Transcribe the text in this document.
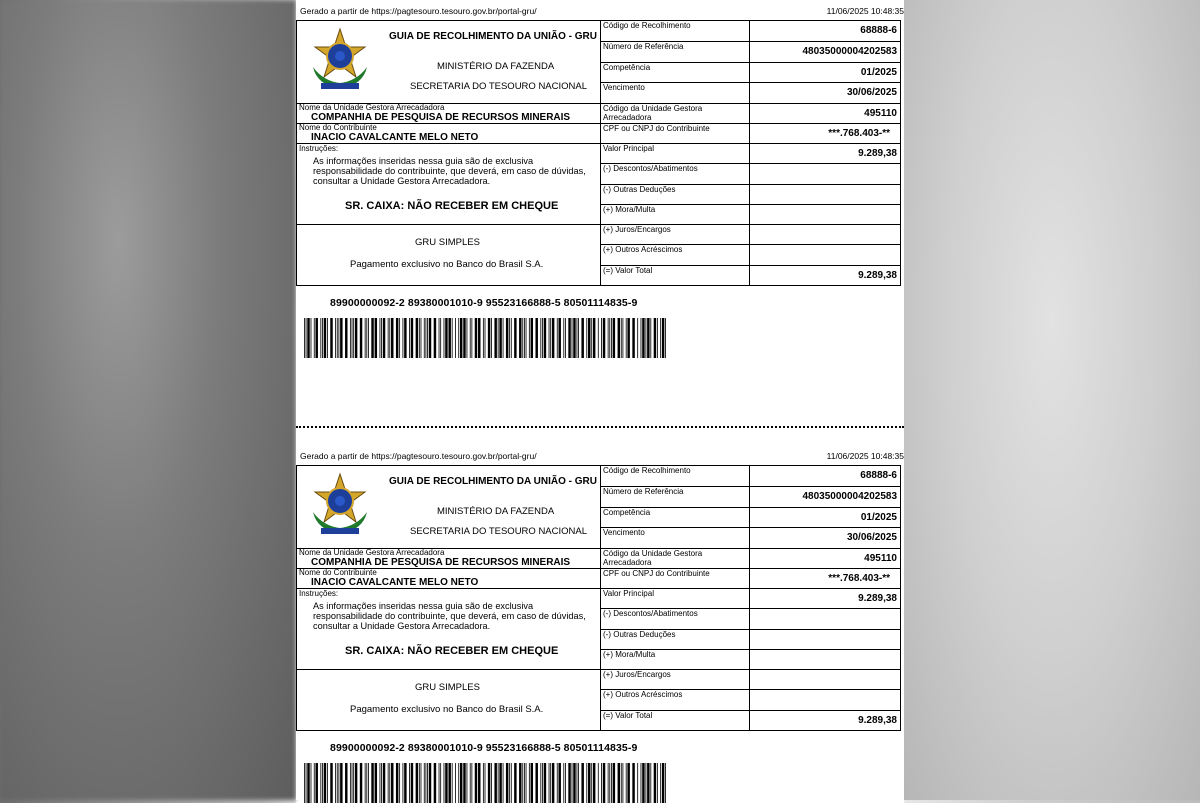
Gerado a partir de https://pagtesouro.tesouro.gov.br/portal-gru/	11/06/2025 10:48:35
GUIA DE RECOLHIMENTO DA UNIÃO - GRU
MINISTÉRIO DA FAZENDA
SECRETARIA DO TESOURO NACIONAL	Código de Recolhimento	68888-6

	Número de Referência	48035000004202583

	Competência	01/2025

	Vencimento	30/06/2025

Nome da Unidade Gestora Arrecadadora
COMPANHIA DE PESQUISA DE RECURSOS MINERAIS	Código da Unidade Gestora Arrecadadora	495110

Nome do Contribuinte
INACIO CAVALCANTE MELO NETO	CPF ou CNPJ do Contribuinte	***.768.403-**

Instruções:
As informações inseridas nessa guia são de exclusiva responsabilidade do contribuinte, que deverá, em caso de dúvidas, consultar a Unidade Gestora Arrecadadora.
SR. CAIXA: NÃO RECEBER EM CHEQUE	Valor Principal	9.289,38

	(-) Descontos/Abatimentos	

	(-) Outras Deduções	

	(+) Mora/Multa	

GRU SIMPLES
Pagamento exclusivo no Banco do Brasil S.A.	(+) Juros/Encargos	

	(+) Outros Acréscimos	

	(=) Valor Total	9.289,38
89900000092-2 89380001010-9 95523166888-5 80501114835-9
Gerado a partir de https://pagtesouro.tesouro.gov.br/portal-gru/	11/06/2025 10:48:35
GUIA DE RECOLHIMENTO DA UNIÃO - GRU
MINISTÉRIO DA FAZENDA
SECRETARIA DO TESOURO NACIONAL	Código de Recolhimento	68888-6

	Número de Referência	48035000004202583

	Competência	01/2025

	Vencimento	30/06/2025

Nome da Unidade Gestora Arrecadadora
COMPANHIA DE PESQUISA DE RECURSOS MINERAIS	Código da Unidade Gestora Arrecadadora	495110

Nome do Contribuinte
INACIO CAVALCANTE MELO NETO	CPF ou CNPJ do Contribuinte	***.768.403-**

Instruções:
As informações inseridas nessa guia são de exclusiva responsabilidade do contribuinte, que deverá, em caso de dúvidas, consultar a Unidade Gestora Arrecadadora.
SR. CAIXA: NÃO RECEBER EM CHEQUE	Valor Principal	9.289,38

	(-) Descontos/Abatimentos	

	(-) Outras Deduções	

	(+) Mora/Multa	

GRU SIMPLES
Pagamento exclusivo no Banco do Brasil S.A.	(+) Juros/Encargos	

	(+) Outros Acréscimos	

	(=) Valor Total	9.289,38
89900000092-2 89380001010-9 95523166888-5 80501114835-9
